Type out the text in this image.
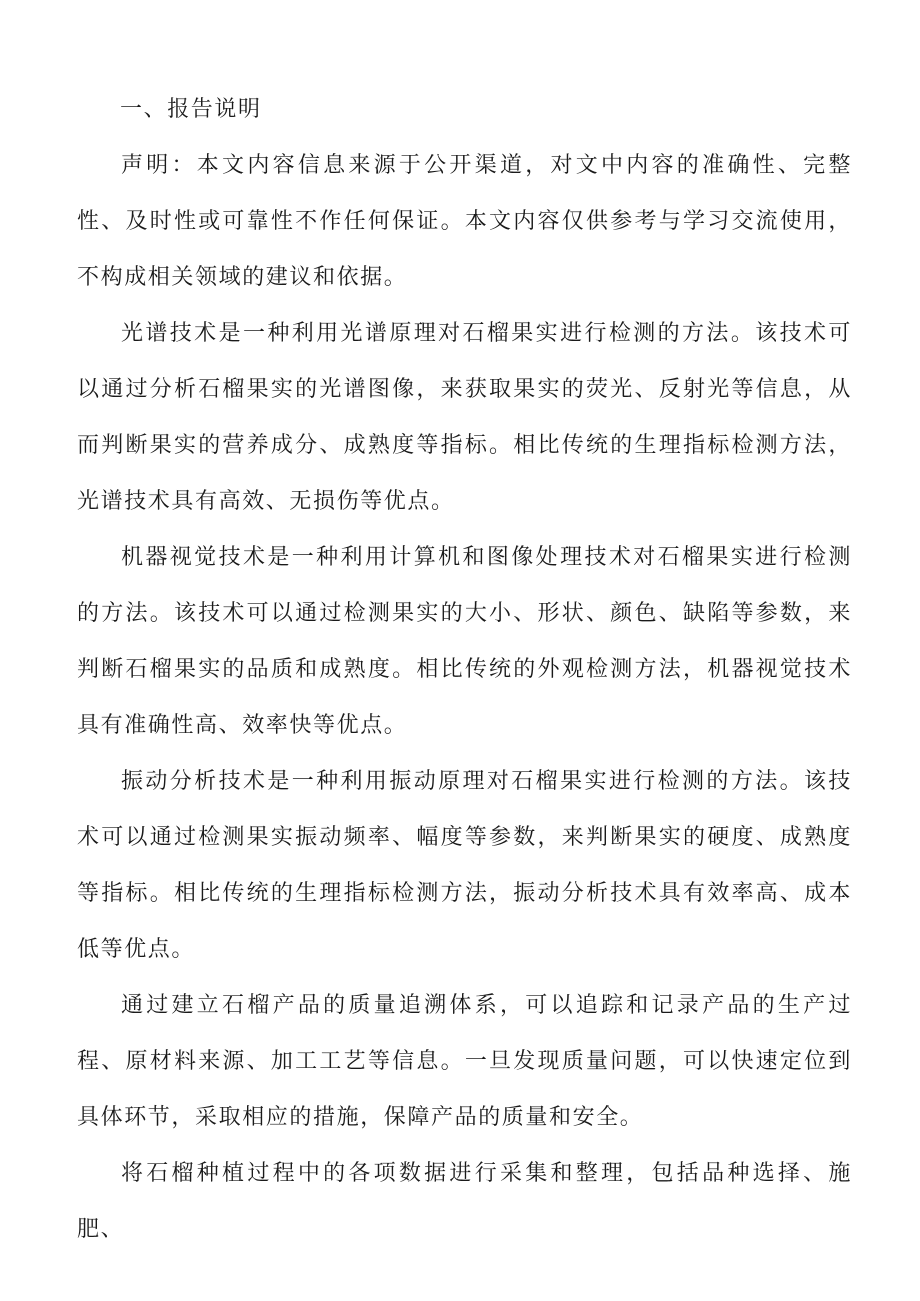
一、报告说明

声明：本文内容信息来源于公开渠道，对文中内容的准确性、完整性、及时性或可靠性不作任何保证。本文内容仅供参考与学习交流使用，不构成相关领域的建议和依据。

光谱技术是一种利用光谱原理对石榴果实进行检测的方法。该技术可以通过分析石榴果实的光谱图像，来获取果实的荧光、反射光等信息，从而判断果实的营养成分、成熟度等指标。相比传统的生理指标检测方法，光谱技术具有高效、无损伤等优点。

机器视觉技术是一种利用计算机和图像处理技术对石榴果实进行检测的方法。该技术可以通过检测果实的大小、形状、颜色、缺陷等参数，来判断石榴果实的品质和成熟度。相比传统的外观检测方法，机器视觉技术具有准确性高、效率快等优点。

振动分析技术是一种利用振动原理对石榴果实进行检测的方法。该技术可以通过检测果实振动频率、幅度等参数，来判断果实的硬度、成熟度等指标。相比传统的生理指标检测方法，振动分析技术具有效率高、成本低等优点。

通过建立石榴产品的质量追溯体系，可以追踪和记录产品的生产过程、原材料来源、加工工艺等信息。一旦发现质量问题，可以快速定位到具体环节，采取相应的措施，保障产品的质量和安全。

将石榴种植过程中的各项数据进行采集和整理，包括品种选择、施肥、
